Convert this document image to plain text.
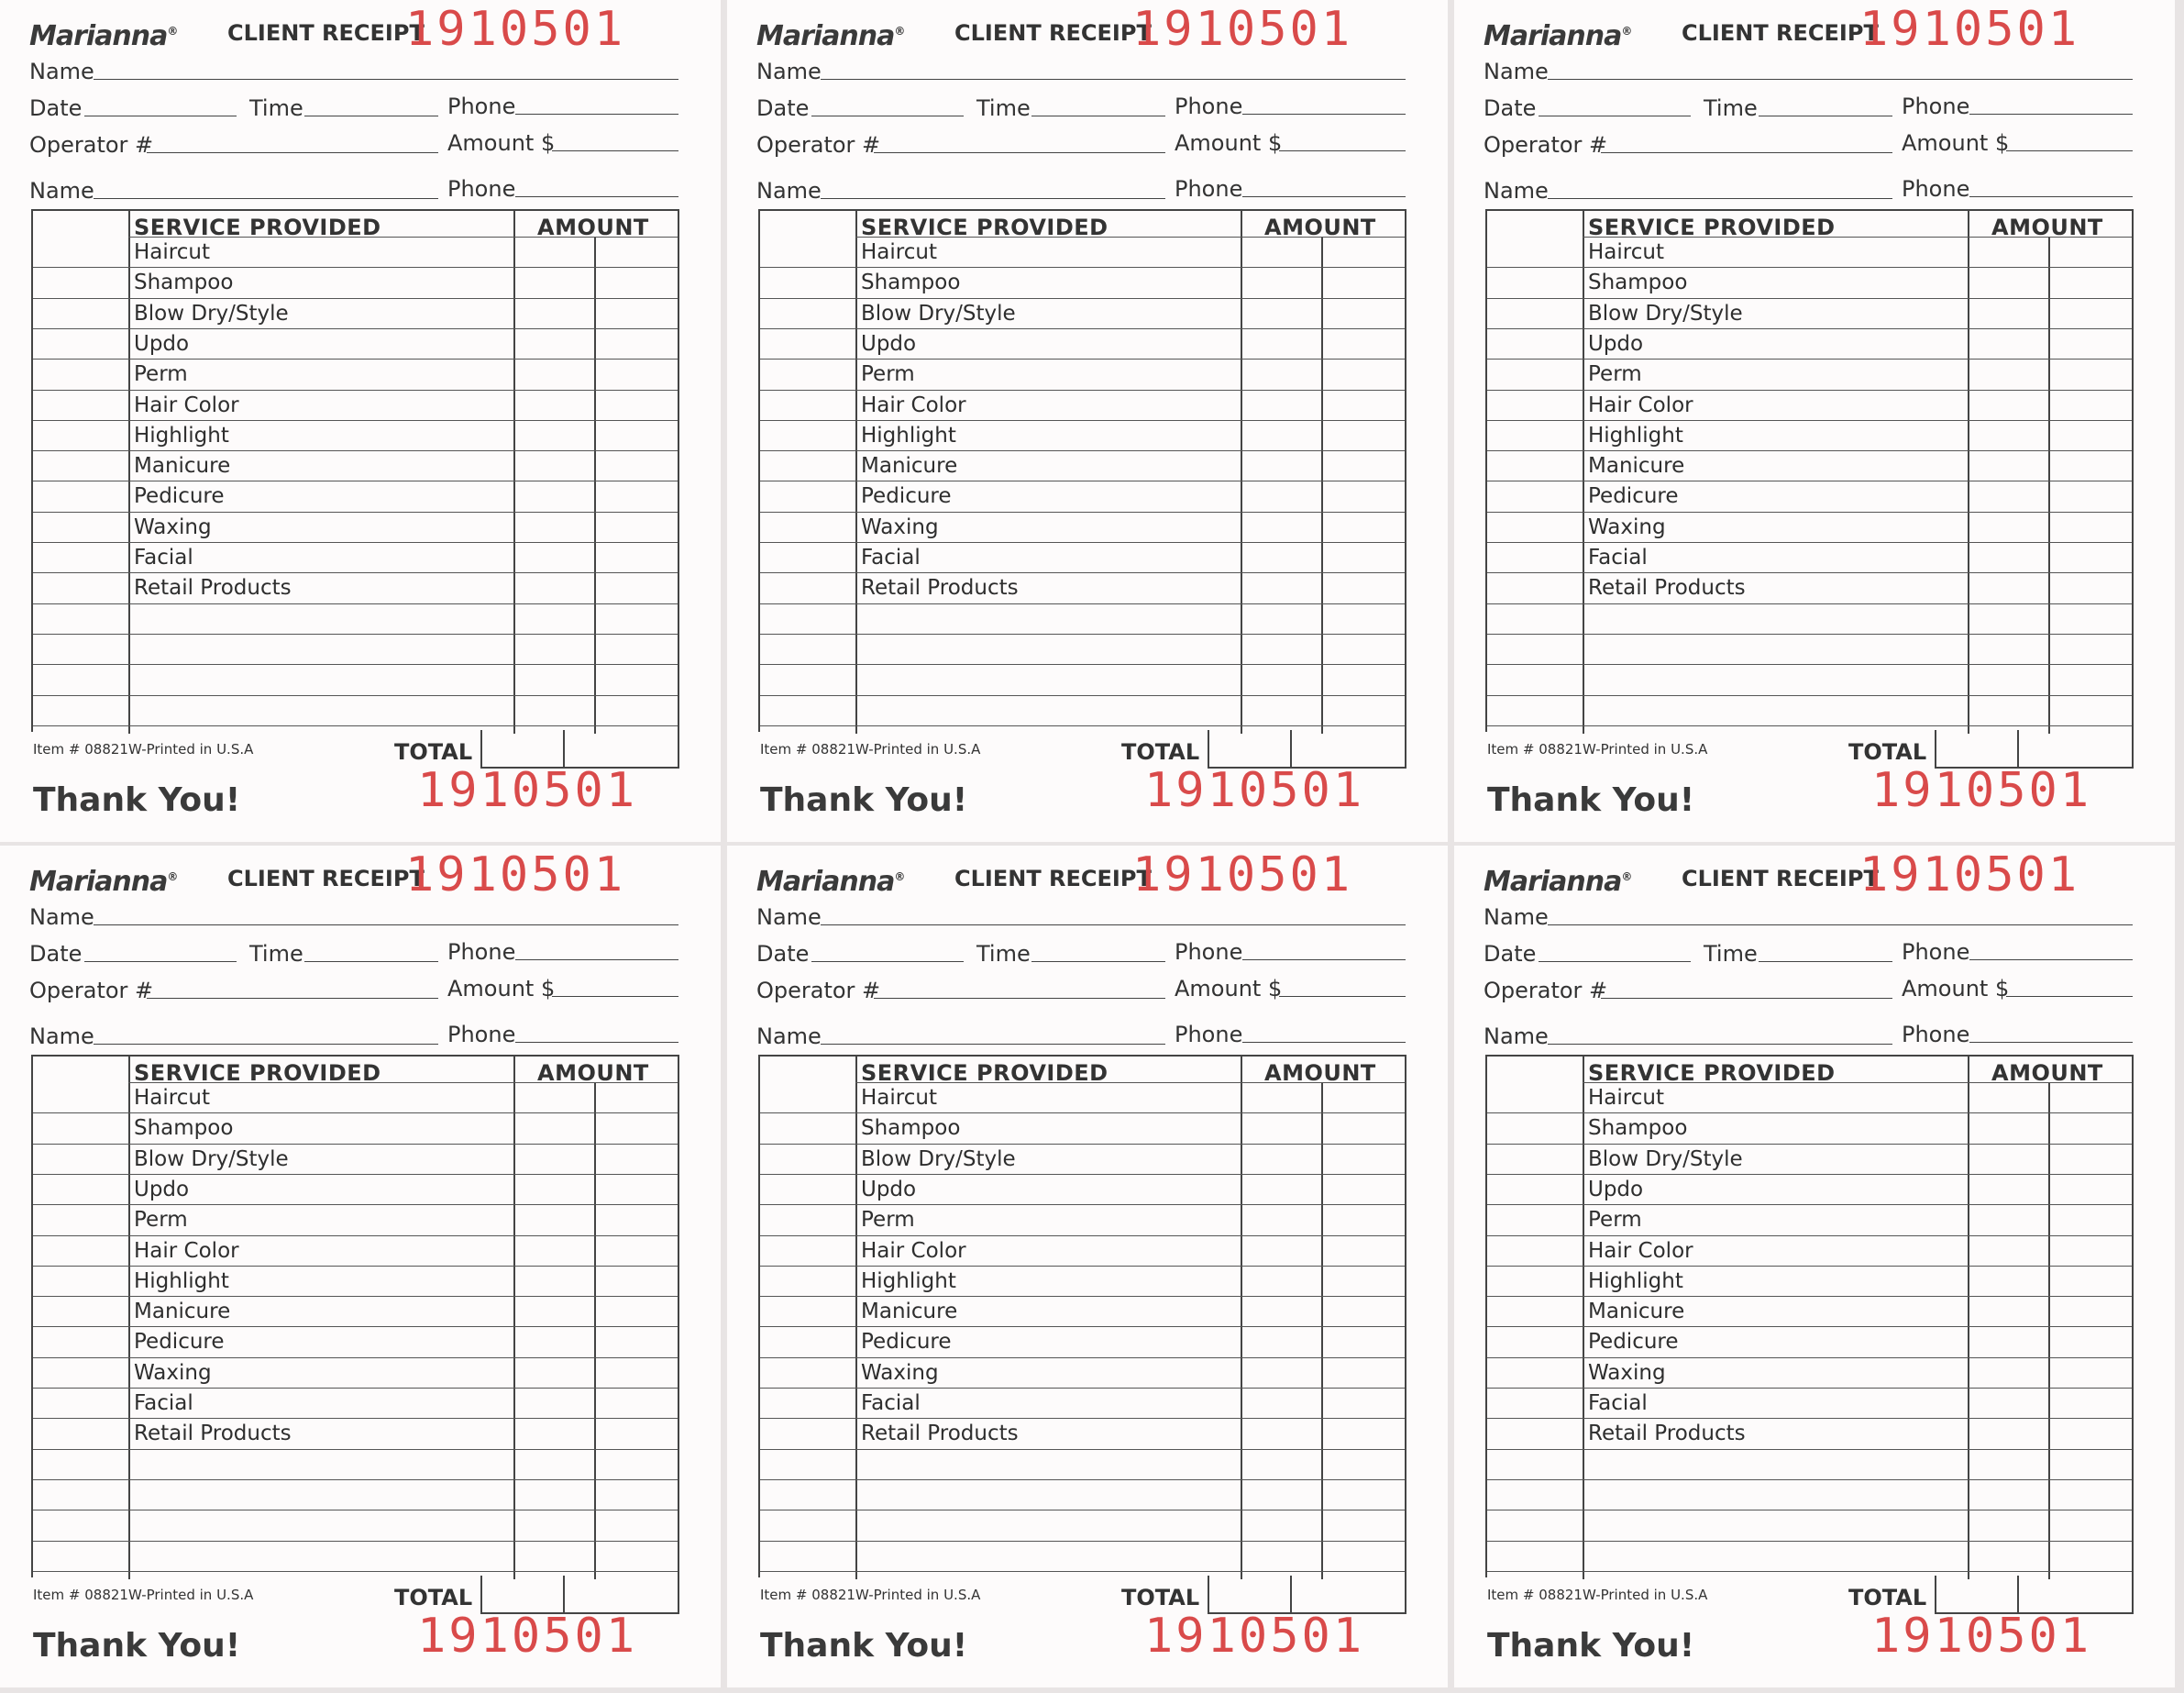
Marianna® CLIENT RECEIPT
1910501
Name
Date	Time	Phone
Operator #	Amount $
Name	Phone
SERVICE PROVIDED	AMOUNT
Haircut
Shampoo
Blow Dry/Style
Updo
Perm
Hair Color
Highlight
Manicure
Pedicure
Waxing
Facial
Retail Products
Item # 08821W-Printed in U.S.A	TOTAL
Thank You!	1910501
Marianna® CLIENT RECEIPT
1910501
Name
Date	Time	Phone
Operator #	Amount $
Name	Phone
SERVICE PROVIDED	AMOUNT
Haircut
Shampoo
Blow Dry/Style
Updo
Perm
Hair Color
Highlight
Manicure
Pedicure
Waxing
Facial
Retail Products
Item # 08821W-Printed in U.S.A	TOTAL
Thank You!	1910501
Marianna® CLIENT RECEIPT
1910501
Name
Date	Time	Phone
Operator #	Amount $
Name	Phone
SERVICE PROVIDED	AMOUNT
Haircut
Shampoo
Blow Dry/Style
Updo
Perm
Hair Color
Highlight
Manicure
Pedicure
Waxing
Facial
Retail Products
Item # 08821W-Printed in U.S.A	TOTAL
Thank You!	1910501
Marianna® CLIENT RECEIPT
1910501
Name
Date	Time	Phone
Operator #	Amount $
Name	Phone
SERVICE PROVIDED	AMOUNT
Haircut
Shampoo
Blow Dry/Style
Updo
Perm
Hair Color
Highlight
Manicure
Pedicure
Waxing
Facial
Retail Products
Item # 08821W-Printed in U.S.A	TOTAL
Thank You!	1910501
Marianna® CLIENT RECEIPT
1910501
Name
Date	Time	Phone
Operator #	Amount $
Name	Phone
SERVICE PROVIDED	AMOUNT
Haircut
Shampoo
Blow Dry/Style
Updo
Perm
Hair Color
Highlight
Manicure
Pedicure
Waxing
Facial
Retail Products
Item # 08821W-Printed in U.S.A	TOTAL
Thank You!	1910501
Marianna® CLIENT RECEIPT
1910501
Name
Date	Time	Phone
Operator #	Amount $
Name	Phone
SERVICE PROVIDED	AMOUNT
Haircut
Shampoo
Blow Dry/Style
Updo
Perm
Hair Color
Highlight
Manicure
Pedicure
Waxing
Facial
Retail Products
Item # 08821W-Printed in U.S.A	TOTAL
Thank You!	1910501
